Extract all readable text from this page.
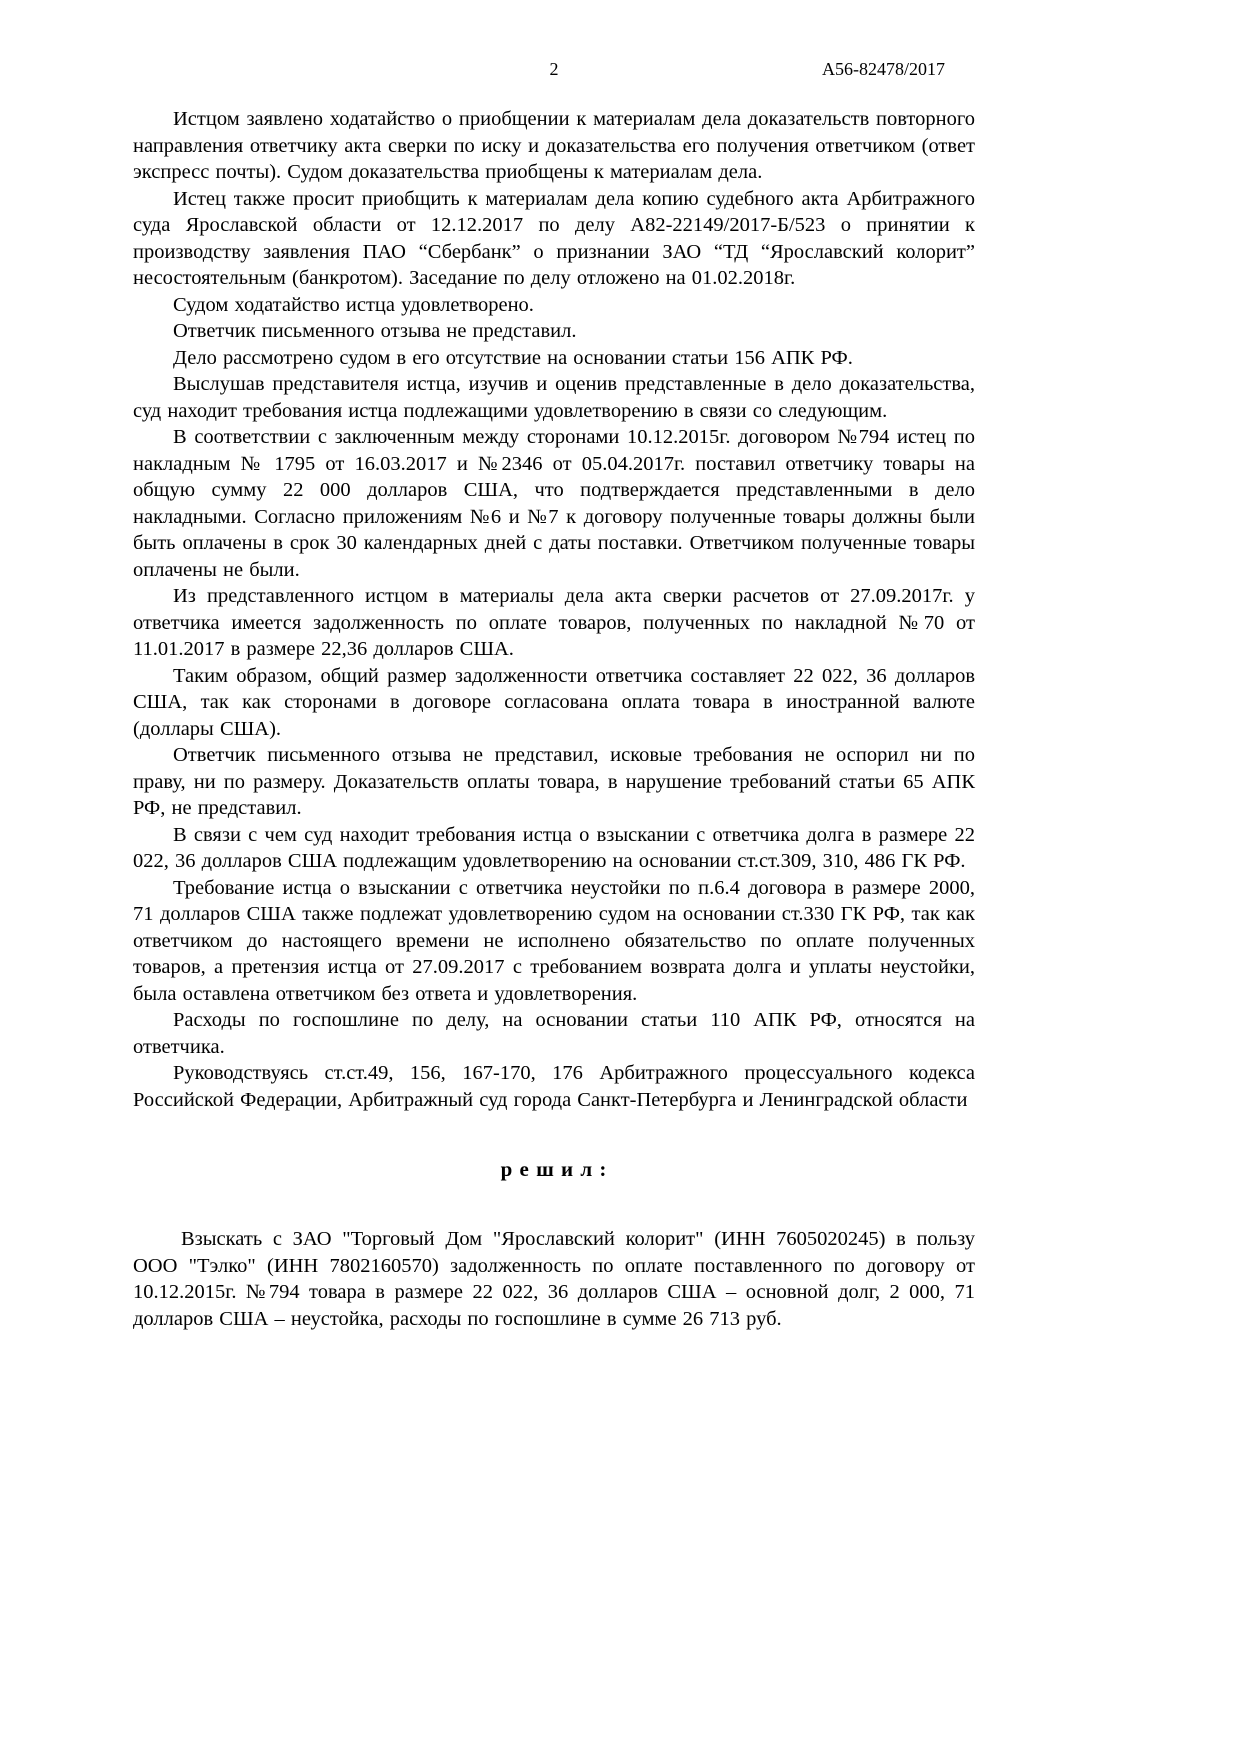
2	А56-82478/2017

Истцом заявлено ходатайство о приобщении к материалам дела доказательств повторного направления ответчику акта сверки по иску и доказательства его получения ответчиком (ответ экспресс почты). Судом доказательства приобщены к материалам дела.

Истец также просит приобщить к материалам дела копию судебного акта Арбитражного суда Ярославской области от 12.12.2017 по делу А82-22149/2017-Б/523 о принятии к производству заявления ПАО “Сбербанк” о признании ЗАО “ТД “Ярославский колорит” несостоятельным (банкротом). Заседание по делу отложено на 01.02.2018г.

Судом ходатайство истца удовлетворено.

Ответчик письменного отзыва не представил.

Дело рассмотрено судом в его отсутствие на основании статьи 156 АПК РФ.

Выслушав представителя истца, изучив и оценив представленные в дело доказательства, суд находит требования истца подлежащими удовлетворению в связи со следующим.

В соответствии с заключенным между сторонами 10.12.2015г. договором №794 истец по накладным № 1795 от 16.03.2017 и №2346 от 05.04.2017г. поставил ответчику товары на общую сумму 22 000 долларов США, что подтверждается представленными в дело накладными. Согласно приложениям №6 и №7 к договору полученные товары должны были быть оплачены в срок 30 календарных дней с даты поставки. Ответчиком полученные товары оплачены не были.

Из представленного истцом в материалы дела акта сверки расчетов от 27.09.2017г. у ответчика имеется задолженность по оплате товаров, полученных по накладной №70 от 11.01.2017 в размере 22,36 долларов США.

Таким образом, общий размер задолженности ответчика составляет 22 022, 36 долларов США, так как сторонами в договоре согласована оплата товара в иностранной валюте (доллары США).

Ответчик письменного отзыва не представил, исковые требования не оспорил ни по праву, ни по размеру. Доказательств оплаты товара, в нарушение требований статьи 65 АПК РФ, не представил.

В связи с чем суд находит требования истца о взыскании с ответчика долга в размере 22 022, 36 долларов США подлежащим удовлетворению на основании ст.ст.309, 310, 486 ГК РФ.

Требование истца о взыскании с ответчика неустойки по п.6.4 договора в размере 2000, 71 долларов США также подлежат удовлетворению судом на основании ст.330 ГК РФ, так как ответчиком до настоящего времени не исполнено обязательство по оплате полученных товаров, а претензия истца от 27.09.2017 с требованием возврата долга и уплаты неустойки, была оставлена ответчиком без ответа и удовлетворения.

Расходы по госпошлине по делу, на основании статьи 110 АПК РФ, относятся на ответчика.

Руководствуясь ст.ст.49, 156, 167-170, 176 Арбитражного процессуального кодекса Российской Федерации, Арбитражный суд города Санкт-Петербурга и Ленинградской области

р е ш и л :

Взыскать с ЗАО "Торговый Дом "Ярославский колорит" (ИНН 7605020245) в пользу ООО "Тэлко" (ИНН 7802160570) задолженность по оплате поставленного по договору от 10.12.2015г. №794 товара в размере 22 022, 36 долларов США – основной долг, 2 000, 71 долларов США – неустойка, расходы по госпошлине в сумме 26 713 руб.
